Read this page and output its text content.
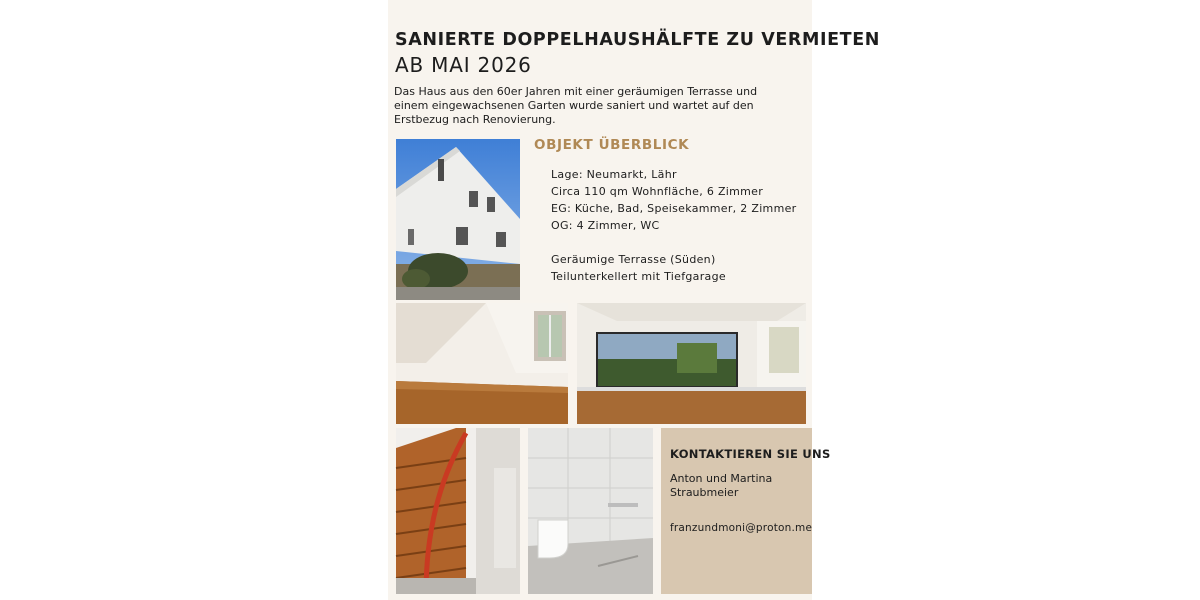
SANIERTE DOPPELHAUSHÄLFTE ZU VERMIETEN
AB MAI 2026
Das Haus aus den 60er Jahren mit einer geräumigen Terrasse und einem eingewachsenen Garten wurde saniert und wartet auf den Erstbezug nach Renovierung.
OBJEKT ÜBERBLICK
Lage: Neumarkt, Lähr
Circa 110 qm Wohnfläche, 6 Zimmer
EG: Küche, Bad, Speisekammer, 2 Zimmer
OG: 4 Zimmer, WC
Geräumige Terrasse (Süden)
Teilunterkellert mit Tiefgarage
KONTAKTIEREN SIE UNS
Anton und Martina Straubmeier
franzundmoni@proton.me
